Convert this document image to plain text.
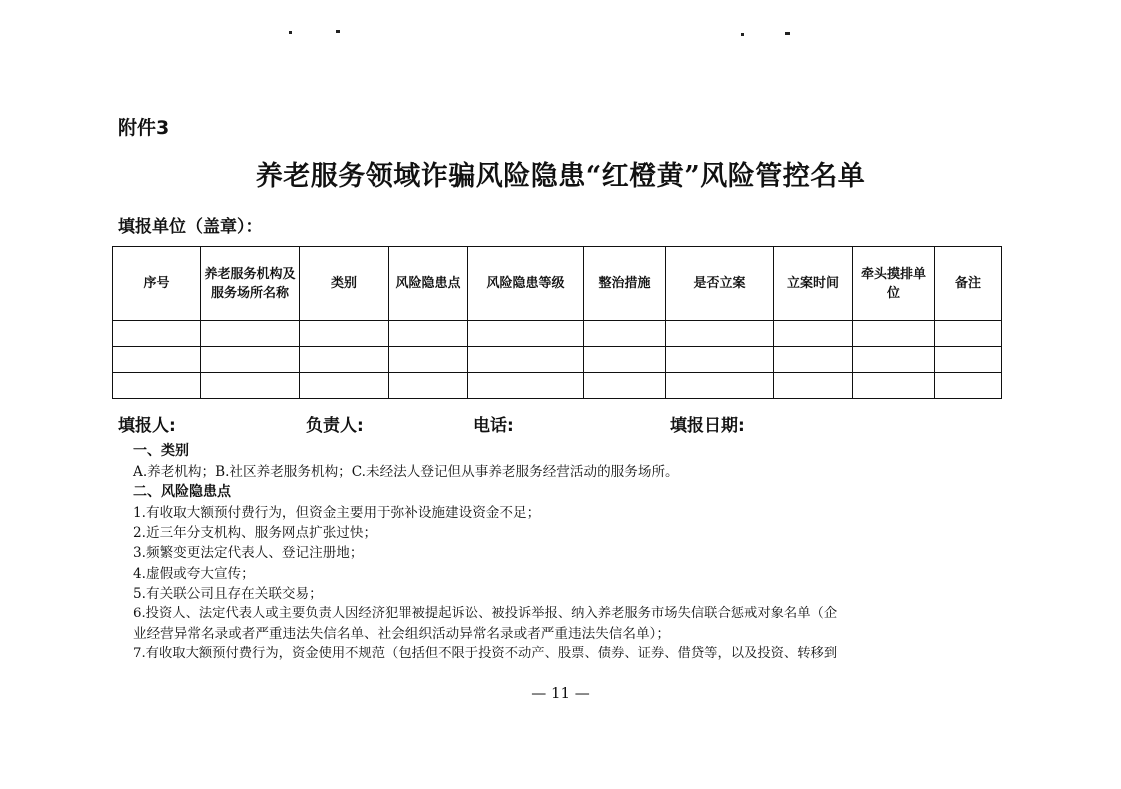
附件3
养老服务领域诈骗风险隐患“红橙黄”风险管控名单
填报单位（盖章）：
序号	养老服务机构及服务场所名称	类别	风险隐患点	风险隐患等级	整治措施	是否立案	立案时间	牵头摸排单位	备注

填报人:	负责人:	电话:	填报日期:
一、类别
A.养老机构；B.社区养老服务机构；C.未经法人登记但从事养老服务经营活动的服务场所。
二、风险隐患点
1.有收取大额预付费行为，但资金主要用于弥补设施建设资金不足；
2.近三年分支机构、服务网点扩张过快；
3.频繁变更法定代表人、登记注册地；
4.虚假或夸大宣传；
5.有关联公司且存在关联交易；
6.投资人、法定代表人或主要负责人因经济犯罪被提起诉讼、被投诉举报、纳入养老服务市场失信联合惩戒对象名单（企
业经营异常名录或者严重违法失信名单、社会组织活动异常名录或者严重违法失信名单）；
7.有收取大额预付费行为，资金使用不规范（包括但不限于投资不动产、股票、债券、证券、借贷等，以及投资、转移到
— 11 —
